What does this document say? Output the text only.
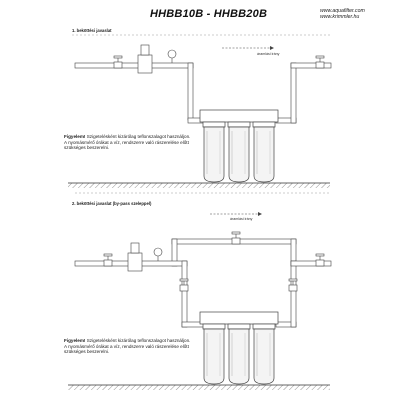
HHBB10B - HHBB20B	www.aquafilter.com
www.krimmler.hu
1. beköttési javaslat
áramlási irány
Figyelem! Szigetelésként kizárólag teflonszalagot használjon. A nyomásmérő órákat a víz, rendszerre való rászerelése előtt szükséges beszerelni.
2. beköttési javaslat (by-pass szeleppel)
áramlási irány
Figyelem! Szigetelésként kizárólag teflonszalagot használjon. A nyomásmérő órákat a víz, rendszerre való rászerelése előtt szükséges beszerelni.
